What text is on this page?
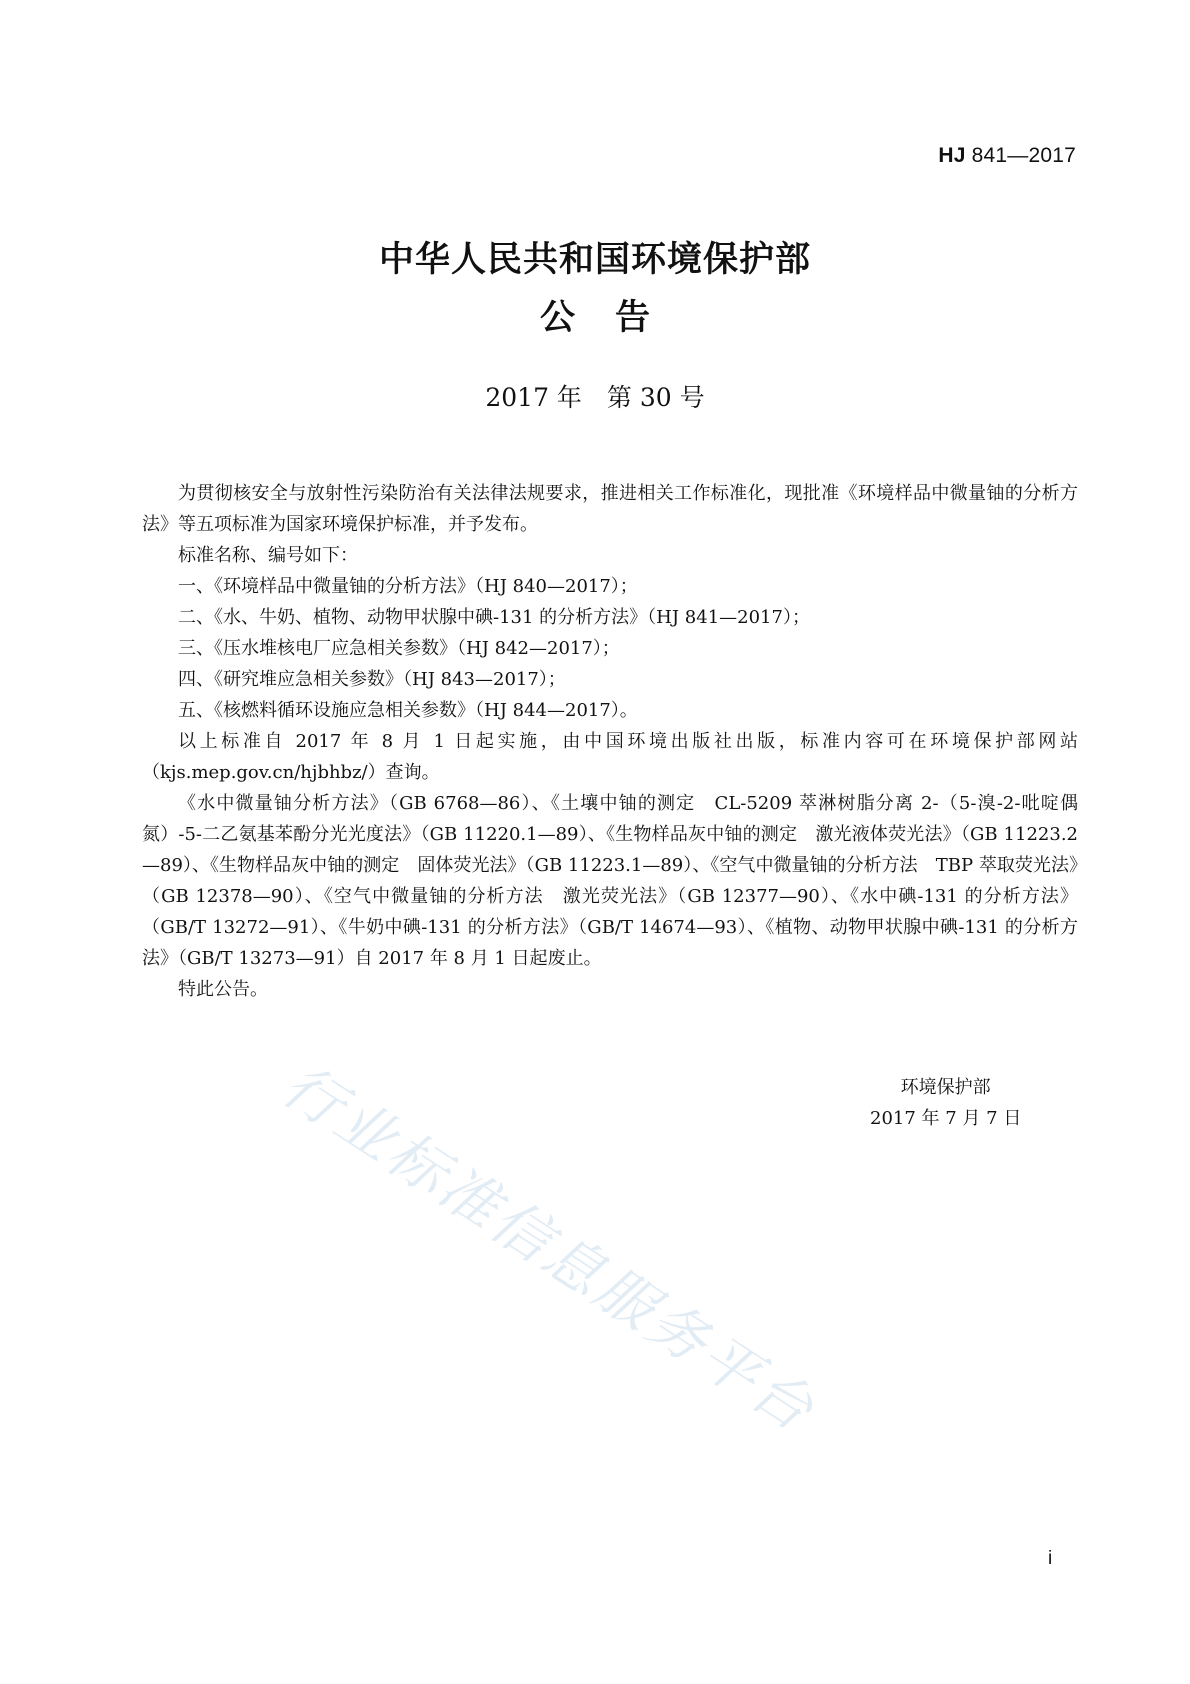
HJ 841—2017
中华人民共和国环境保护部
公告
2017 年　第 30 号

为贯彻核安全与放射性污染防治有关法律法规要求，推进相关工作标准化，现批准《环境样品中微量铀的分析方法》等五项标准为国家环境保护标准，并予发布。

标准名称、编号如下：

一、《环境样品中微量铀的分析方法》（HJ 840—2017）；

二、《水、牛奶、植物、动物甲状腺中碘-131 的分析方法》（HJ 841—2017）；

三、《压水堆核电厂应急相关参数》（HJ 842—2017）；

四、《研究堆应急相关参数》（HJ 843—2017）；

五、《核燃料循环设施应急相关参数》（HJ 844—2017）。

以上标准自 2017 年 8 月 1 日起实施，由中国环境出版社出版，标准内容可在环境保护部网站（kjs.mep.gov.cn/hjbhbz/）查询。

《水中微量铀分析方法》（GB 6768—86）、《土壤中铀的测定　CL-5209 萃淋树脂分离 2-（5-溴-2-吡啶偶氮）-5-二乙氨基苯酚分光光度法》（GB 11220.1—89）、《生物样品灰中铀的测定　激光液体荧光法》（GB 11223.2—89）、《生物样品灰中铀的测定　固体荧光法》（GB 11223.1—89）、《空气中微量铀的分析方法　TBP 萃取荧光法》（GB 12378—90）、《空气中微量铀的分析方法　激光荧光法》（GB 12377—90）、《水中碘-131 的分析方法》（GB/T 13272—91）、《牛奶中碘-131 的分析方法》（GB/T 14674—93）、《植物、动物甲状腺中碘-131 的分析方法》（GB/T 13273—91）自 2017 年 8 月 1 日起废止。

特此公告。

环境保护部
2017 年 7 月 7 日
行业标准信息服务平台
i
